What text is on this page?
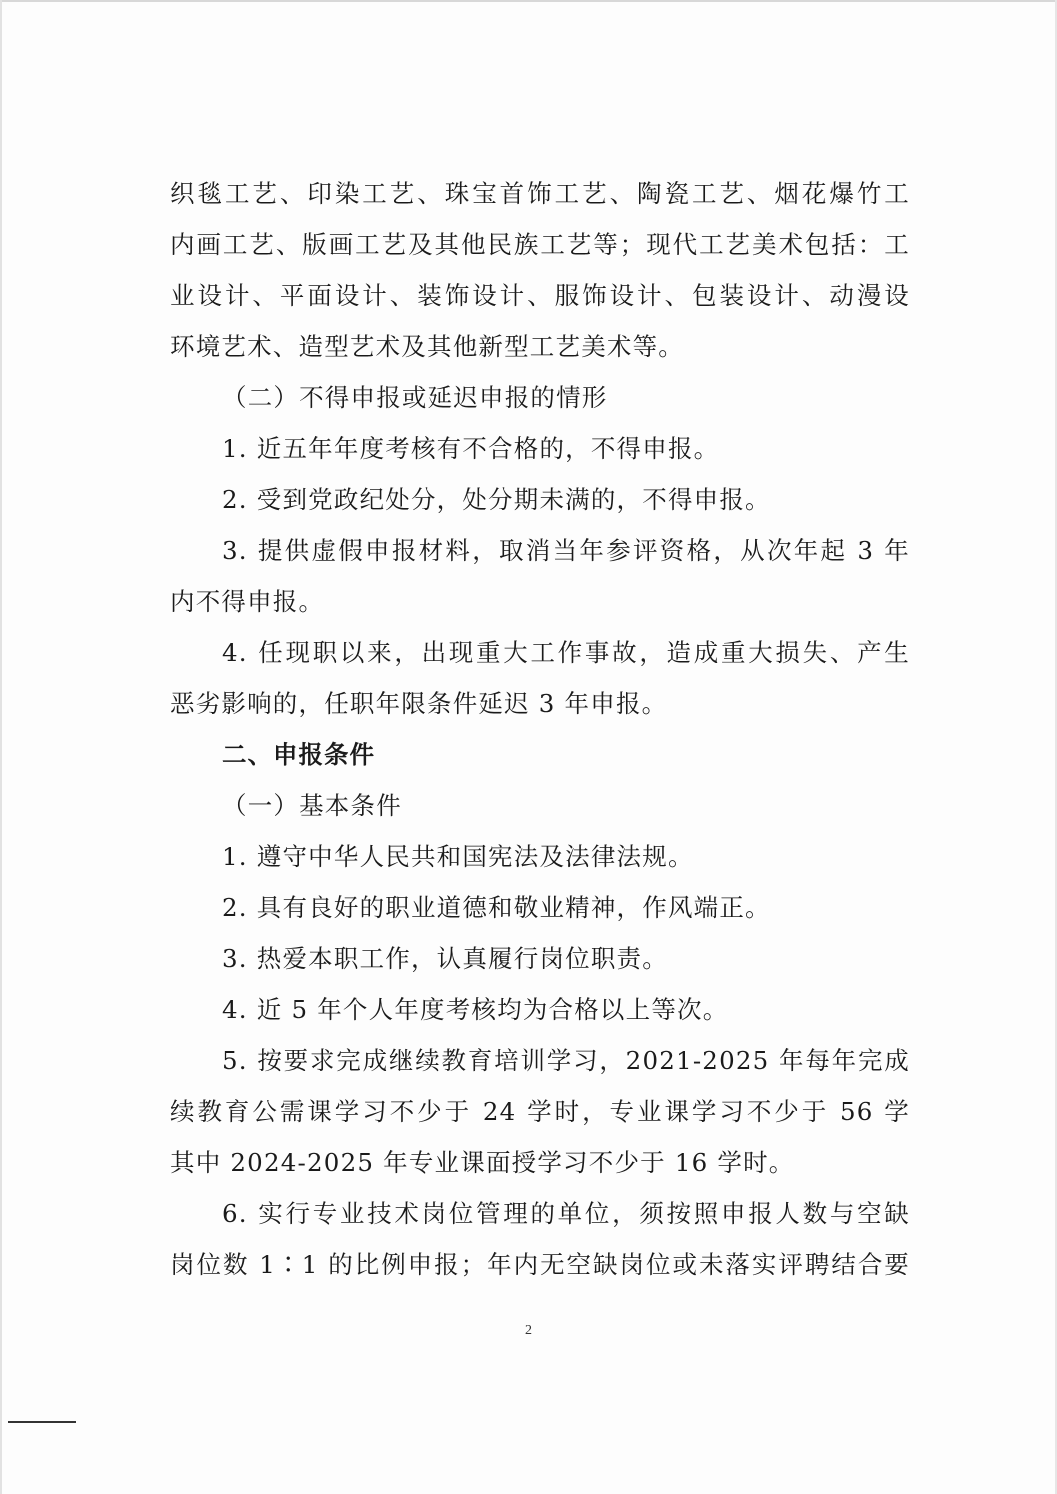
织毯工艺、印染工艺、珠宝首饰工艺、陶瓷工艺、烟花爆竹工
内画工艺、版画工艺及其他民族工艺等；现代工艺美术包括：工
业设计、平面设计、装饰设计、服饰设计、包装设计、动漫设
环境艺术、造型艺术及其他新型工艺美术等。
（二）不得申报或延迟申报的情形
1. 近五年年度考核有不合格的，不得申报。
2. 受到党政纪处分，处分期未满的，不得申报。
3. 提供虚假申报材料，取消当年参评资格，从次年起 3 年
内不得申报。
4. 任现职以来，出现重大工作事故，造成重大损失、产生
恶劣影响的，任职年限条件延迟 3 年申报。
二、申报条件
（一）基本条件
1. 遵守中华人民共和国宪法及法律法规。
2. 具有良好的职业道德和敬业精神，作风端正。
3. 热爱本职工作，认真履行岗位职责。
4. 近 5 年个人年度考核均为合格以上等次。
5. 按要求完成继续教育培训学习，2021-2025 年每年完成
续教育公需课学习不少于 24 学时，专业课学习不少于 56 学
其中 2024-2025 年专业课面授学习不少于 16 学时。
6. 实行专业技术岗位管理的单位，须按照申报人数与空缺
岗位数 1∶1 的比例申报；年内无空缺岗位或未落实评聘结合要
2
